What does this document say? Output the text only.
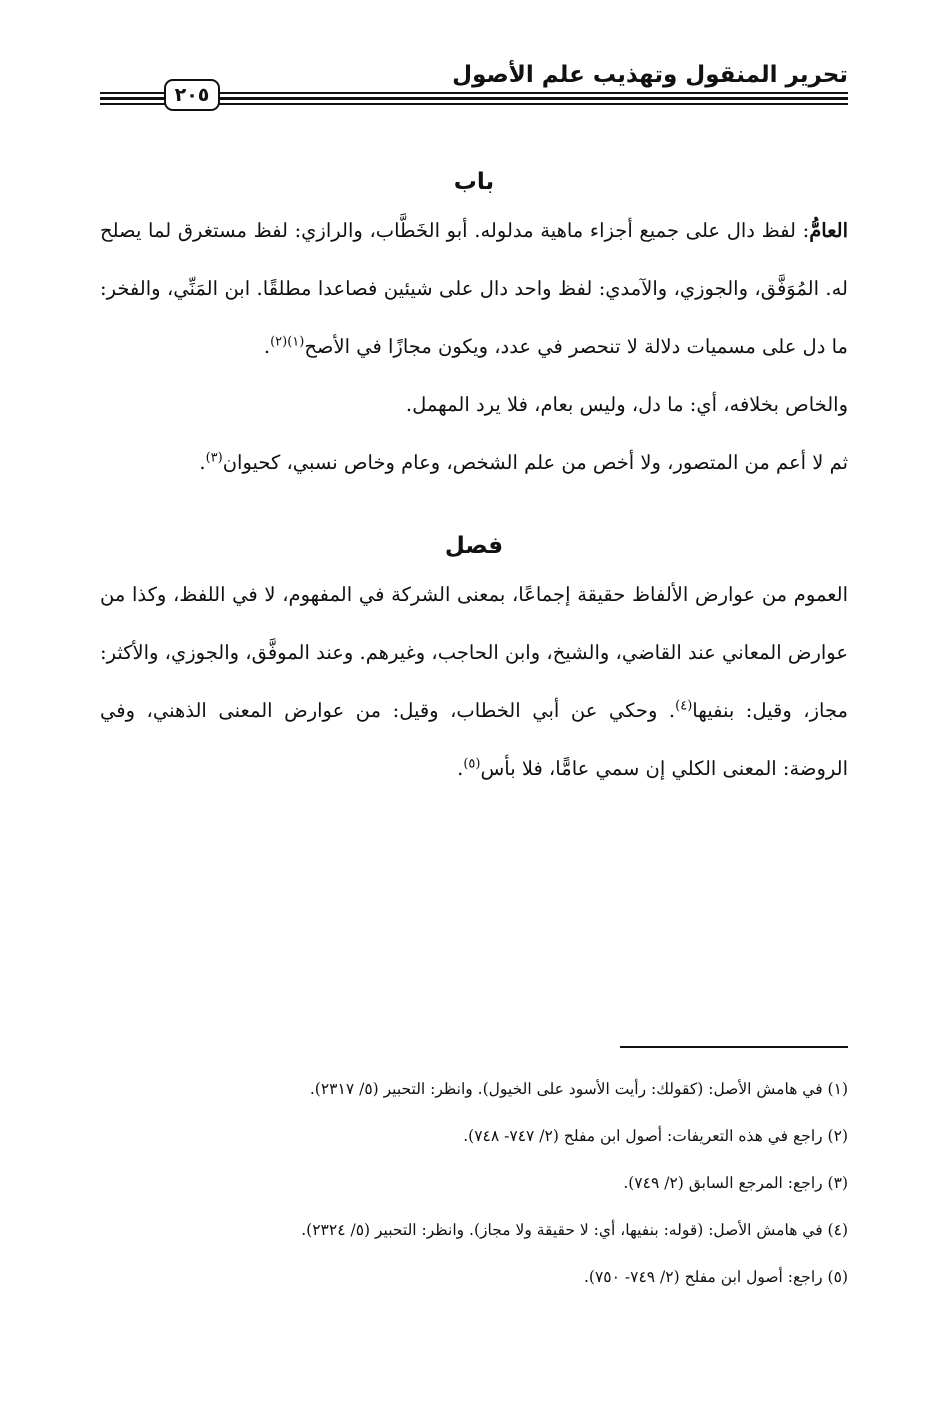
تحرير المنقول وتهذيب علم الأصول
٢٠٥
باب

العامُّ: لفظ دال على جميع أجزاء ماهية مدلوله. أبو الخَطَّاب، والرازي: لفظ مستغرق لما يصلح له. المُوَفَّق، والجوزي، والآمدي: لفظ واحد دال على شيئين فصاعدا مطلقًا. ابن المَنِّي، والفخر: ما دل على مسميات دلالة لا تنحصر في عدد، ويكون مجازًا في الأصح$^{(١)(٢)}$.

والخاص بخلافه، أي: ما دل، وليس بعام، فلا يرد المهمل.

ثم لا أعم من المتصور، ولا أخص من علم الشخص، وعام وخاص نسبي، كحيوان$^{(٣)}$.

فصل

العموم من عوارض الألفاظ حقيقة إجماعًا، بمعنى الشركة في المفهوم، لا في اللفظ، وكذا من عوارض المعاني عند القاضي، والشيخ، وابن الحاجب، وغيرهم. وعند الموفَّق، والجوزي، والأكثر: مجاز، وقيل: بنفيها$^{(٤)}$. وحكي عن أبي الخطاب، وقيل: من عوارض المعنى الذهني، وفي الروضة: المعنى الكلي إن سمي عامًّا، فلا بأس$^{(٥)}$.

(١) في هامش الأصل: (كقولك: رأيت الأسود على الخيول). وانظر: التحبير (٥/ ٢٣١٧).
(٢) راجع في هذه التعريفات: أصول ابن مفلح (٢/ ٧٤٧- ٧٤٨).
(٣) راجع: المرجع السابق (٢/ ٧٤٩).
(٤) في هامش الأصل: (قوله: بنفيها، أي: لا حقيقة ولا مجاز). وانظر: التحبير (٥/ ٢٣٢٤).
(٥) راجع: أصول ابن مفلح (٢/ ٧٤٩- ٧٥٠).
